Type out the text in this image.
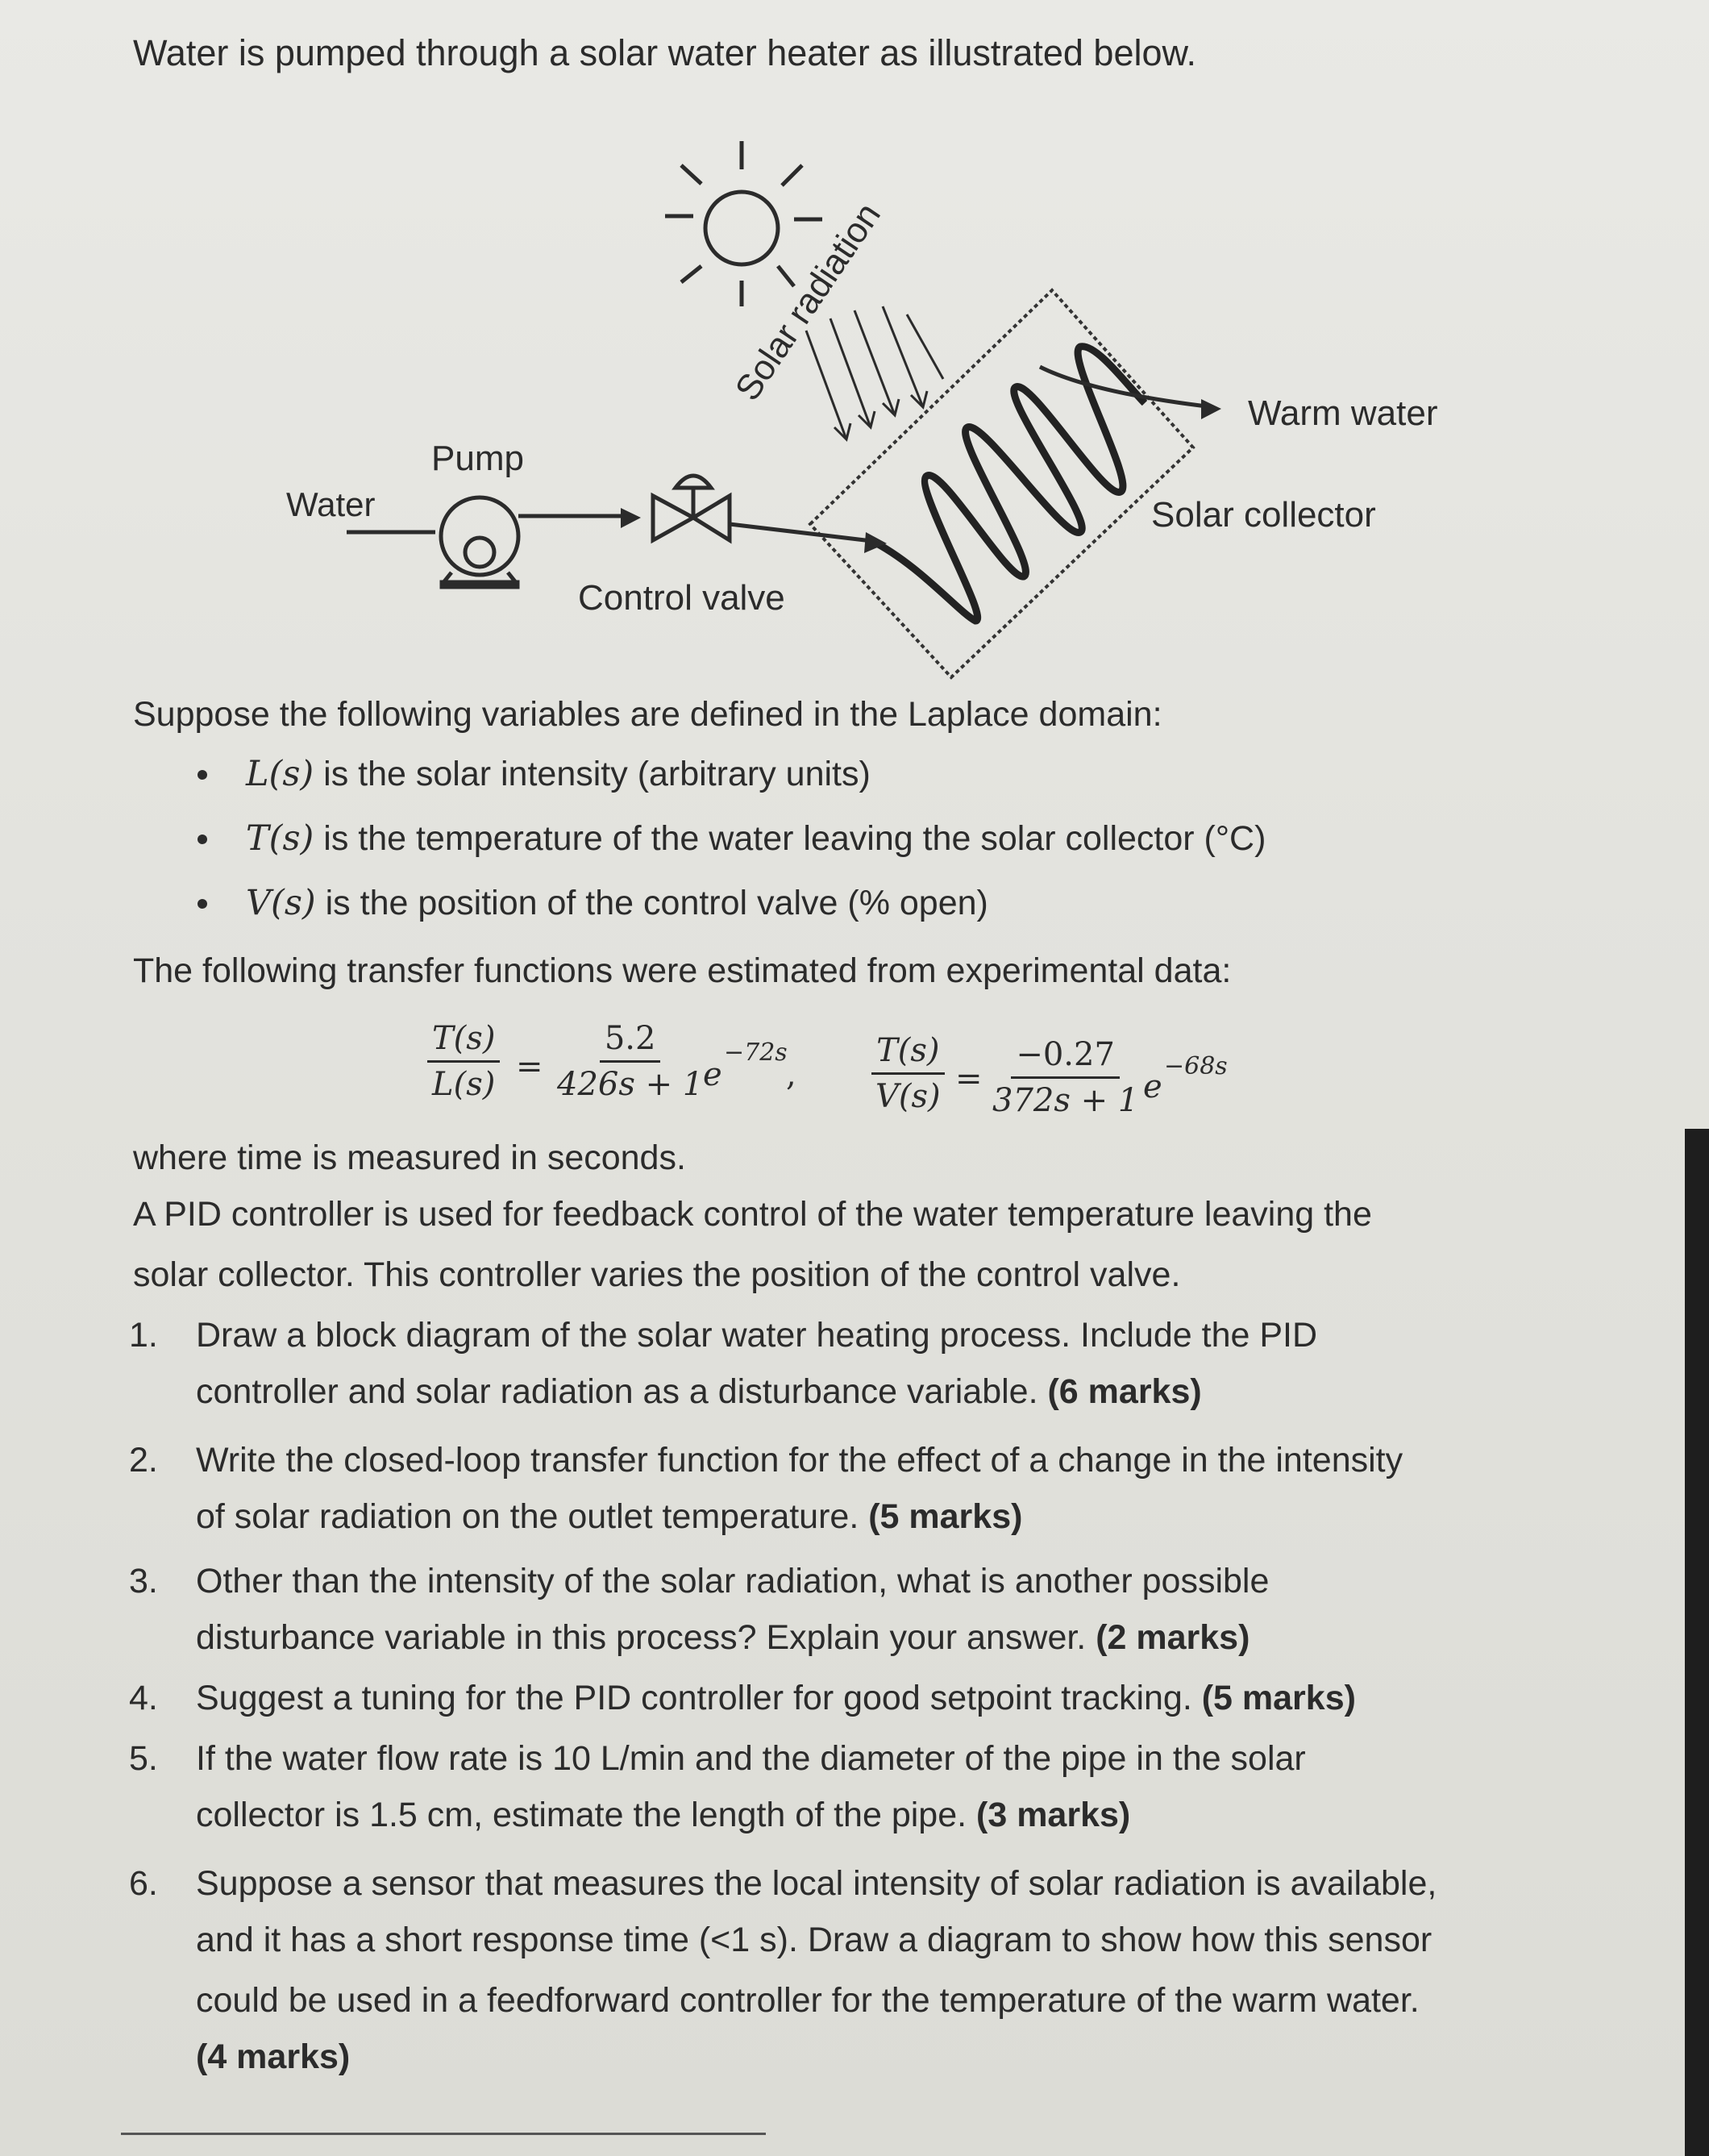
Water is pumped through a solar water heater as illustrated below.
Solar radiation
Warm water
Solar collector
Water
Pump
Control valve
Suppose the following variables are defined in the Laplace domain:
L(s) is the solar intensity (arbitrary units)
T(s) is the temperature of the water leaving the solar collector (°C)
V(s) is the position of the control valve (% open)
The following transfer functions were estimated from experimental data:
$\frac{T(s)}{L(s)} = \frac{5.2}{426s + 1}$
e
−72s
, $\frac{T(s)}{V(s)} = \frac{-0.27}{372s + 1}$ e
−68s
where time is measured in seconds.
A PID controller is used for feedback control of the water temperature leaving the
solar collector. This controller varies the position of the control valve.
1. Draw a block diagram of the solar water heating process. Include the PID
controller and solar radiation as a disturbance variable. (6 marks)
2. Write the closed-loop transfer function for the effect of a change in the intensity
of solar radiation on the outlet temperature. (5 marks)
3. Other than the intensity of the solar radiation, what is another possible
disturbance variable in this process? Explain your answer. (2 marks)
4. Suggest a tuning for the PID controller for good setpoint tracking. (5 marks)
5. If the water flow rate is 10 L/min and the diameter of the pipe in the solar
collector is 1.5 cm, estimate the length of the pipe. (3 marks)
6. Suppose a sensor that measures the local intensity of solar radiation is available,
and it has a short response time (<1 s). Draw a diagram to show how this sensor
could be used in a feedforward controller for the temperature of the warm water.
(4 marks)
